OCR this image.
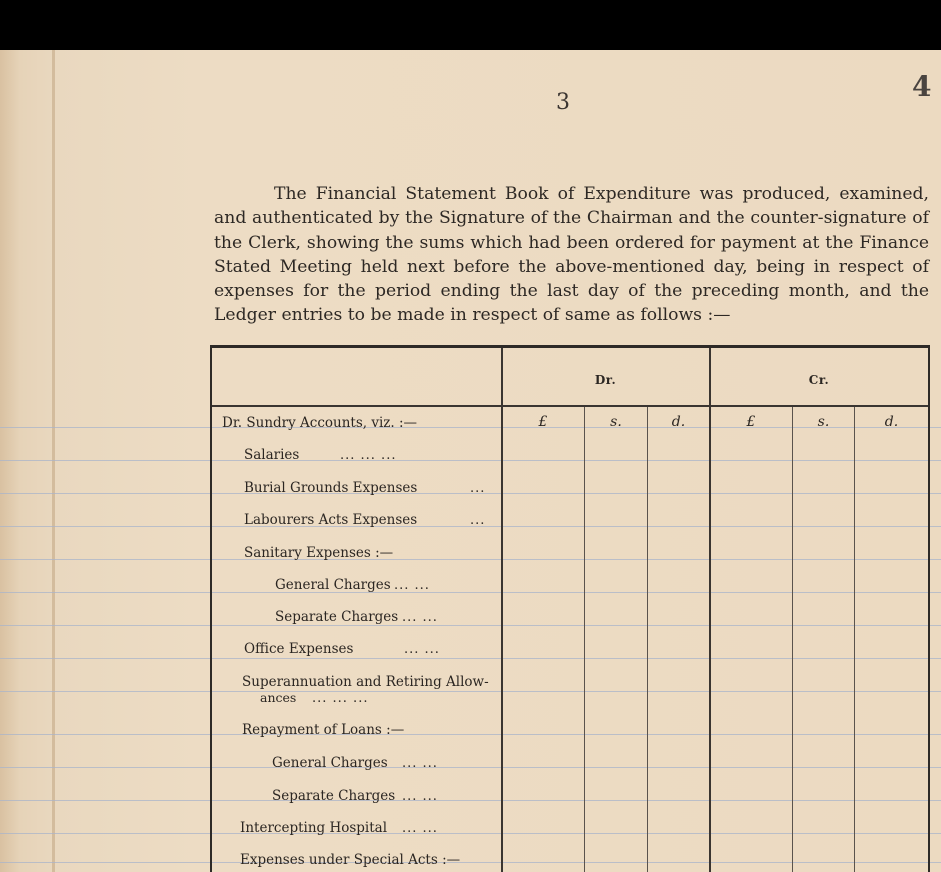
3	4
The Financial Statement Book of Expenditure was produced, examined, and authenticated by the Signature of the Chairman and the counter-signature of the Clerk, showing the sums which had been ordered for payment at the Finance Stated Meeting held next before the above-mentioned day, being in respect of expenses for the period ending the last day of the preceding month, and the Ledger entries to be made in respect of same as follows :—
Dr.	Cr.
£	s.	d.	£	s.	d.
Dr. Sundry Accounts, viz. :—
Salaries	... ... ...
Burial Grounds Expenses	...
Labourers Acts Expenses	...
Sanitary Expenses :—
General Charges ... ...
Separate Charges ... ...
Office Expenses	... ...
Superannuation and Retiring Allow-
ances ... ... ...
Repayment of Loans :—
General Charges ... ...
Separate Charges ... ...
Intercepting Hospital ... ...
Expenses under Special Acts :—
